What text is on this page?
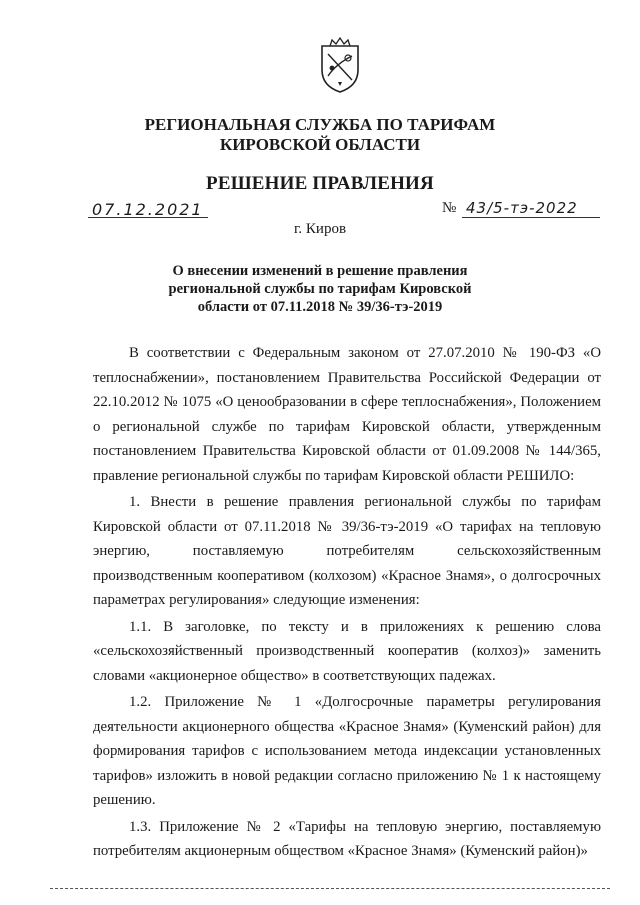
РЕГИОНАЛЬНАЯ СЛУЖБА ПО ТАРИФАМ
КИРОВСКОЙ ОБЛАСТИ
РЕШЕНИЕ ПРАВЛЕНИЯ
07.12.2021	№ 43/5-тэ-2022
г. Киров
О внесении изменений в решение правления
региональной службы по тарифам Кировской
области от 07.11.2018 № 39/36-тэ-2019

В соответствии с Федеральным законом от 27.07.2010 № 190-ФЗ «О теплоснабжении», постановлением Правительства Российской Федерации от 22.10.2012 № 1075 «О ценообразовании в сфере теплоснабжения», Положением о региональной службе по тарифам Кировской области, утвержденным постановлением Правительства Кировской области от 01.09.2008 № 144/365, правление региональной службы по тарифам Кировской области РЕШИЛО:

1. Внести в решение правления региональной службы по тарифам Кировской области от 07.11.2018 № 39/36-тэ-2019 «О тарифах на тепловую энергию, поставляемую потребителям сельскохозяйственным производственным кооперативом (колхозом) «Красное Знамя», о долгосрочных параметрах регулирования» следующие изменения:

1.1. В заголовке, по тексту и в приложениях к решению слова «сельскохозяйственный производственный кооператив (колхоз)» заменить словами «акционерное общество» в соответствующих падежах.

1.2. Приложение № 1 «Долгосрочные параметры регулирования деятельности акционерного общества «Красное Знамя» (Куменский район) для формирования тарифов с использованием метода индексации установленных тарифов» изложить в новой редакции согласно приложению № 1 к настоящему решению.

1.3. Приложение № 2 «Тарифы на тепловую энергию, поставляемую потребителям акционерным обществом «Красное Знамя» (Куменский район)»
